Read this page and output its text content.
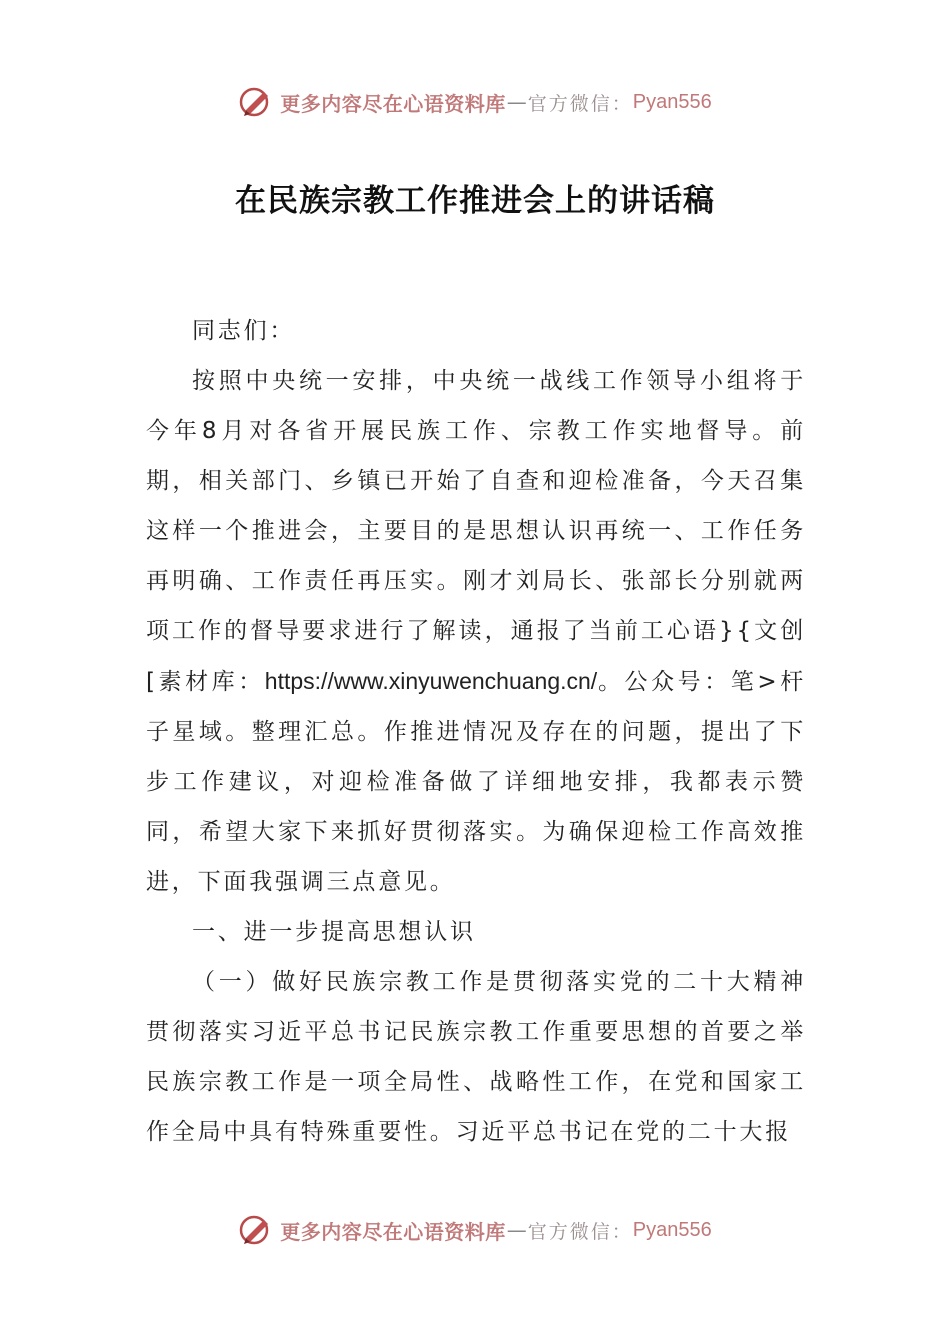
更多内容尽在心语资料库 — 官方微信： Pyan556
在民族宗教工作推进会上的讲话稿

同志们：

按照中央统一安排，中央统一战线工作领导小组将于今年8月对各省开展民族工作、宗教工作实地督导。前期，相关部门、乡镇已开始了自查和迎检准备，今天召集这样一个推进会，主要目的是思想认识再统一、工作任务再明确、工作责任再压实。刚才刘局长、张部长分别就两项工作的督导要求进行了解读，通报了当前工心语}{文创[素材库：https://www.xinyuwenchuang.cn/。公众号：笔>杆子星域。整理汇总。作推进情况及存在的问题，提出了下步工作建议，对迎检准备做了详细地安排，我都表示赞同，希望大家下来抓好贯彻落实。为确保迎检工作高效推进，下面我强调三点意见。

一、进一步提高思想认识

（一）做好民族宗教工作是贯彻落实党的二十大精神贯彻落实习近平总书记民族宗教工作重要思想的首要之举民族宗教工作是一项全局性、战略性工作，在党和国家工作全局中具有特殊重要性。习近平总书记在党的二十大报

更多内容尽在心语资料库 — 官方微信： Pyan556
